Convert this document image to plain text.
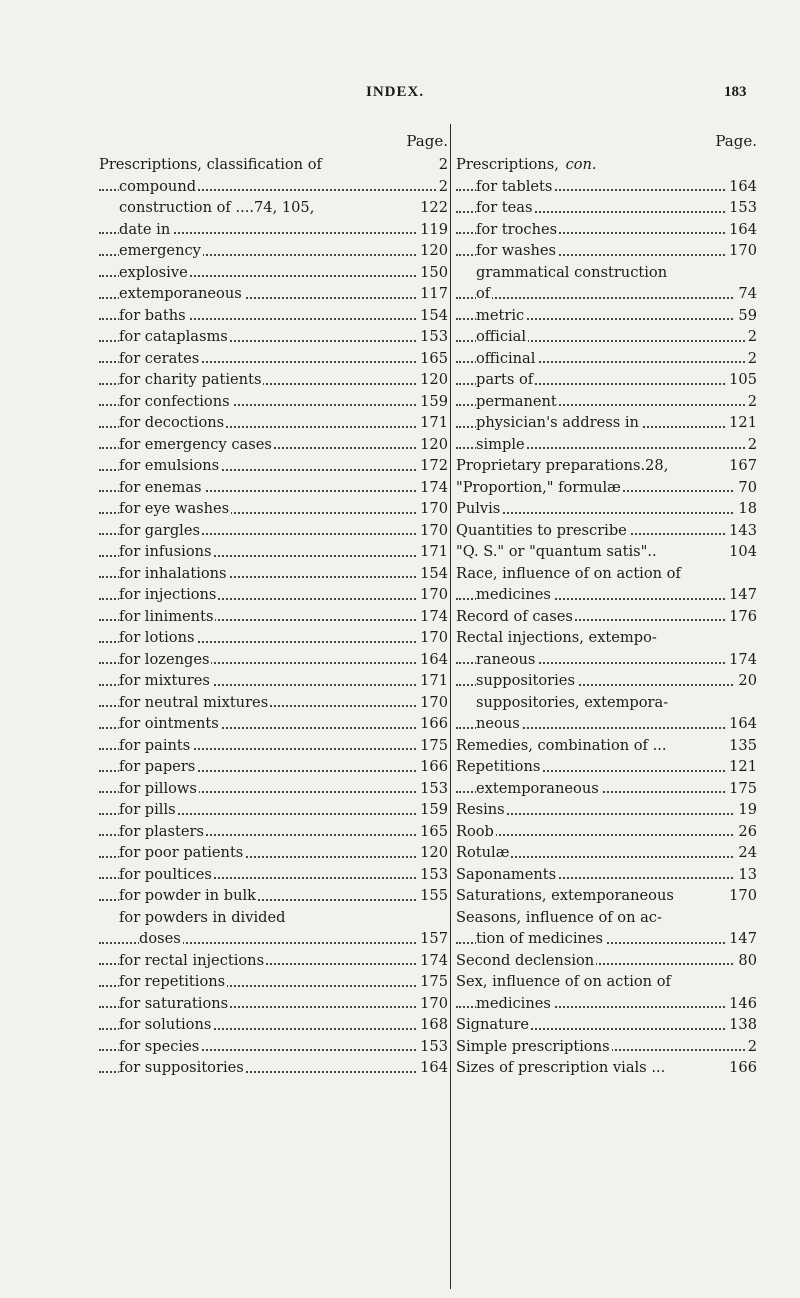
INDEX.	183
Page.
Prescriptions, classification of	2
compound	2
construction of ....74, 105,	122
date in	119
emergency	120
explosive	150
extemporaneous	117
for baths	154
for cataplasms	153
for cerates	165
for charity patients	120
for confections	159
for decoctions	171
for emergency cases	120
for emulsions	172
for enemas	174
for eye washes	170
for gargles	170
for infusions	171
for inhalations	154
for injections	170
for liniments	174
for lotions	170
for lozenges	164
for mixtures	171
for neutral mixtures	170
for ointments	166
for paints	175
for papers	166
for pillows	153
for pills	159
for plasters	165
for poor patients	120
for poultices	153
for powder in bulk	155
for powders in divided
doses	157
for rectal injections	174
for repetitions	175
for saturations	170
for solutions	168
for species	153
for suppositories	164
Page.
Prescriptions, con.
for tablets	164
for teas	153
for troches	164
for washes	170
grammatical construction
of	74
metric	59
official	2
officinal	2
parts of	105
permanent	2
physician's address in	121
simple	2
Proprietary preparations.28,	167
"Proportion," formulæ	70
Pulvis	18
Quantities to prescribe	143
"Q. S." or "quantum satis"..	104
Race, influence of on action of
medicines	147
Record of cases	176
Rectal injections, extempo-
raneous	174
suppositories	20
suppositories, extempora-
neous	164
Remedies, combination of ...	135
Repetitions	121
extemporaneous	175
Resins	19
Roob	26
Rotulæ	24
Saponaments	13
Saturations, extemporaneous	170
Seasons, influence of on ac-
tion of medicines	147
Second declension	80
Sex, influence of on action of
medicines	146
Signature	138
Simple prescriptions	2
Sizes of prescription vials ...	166
